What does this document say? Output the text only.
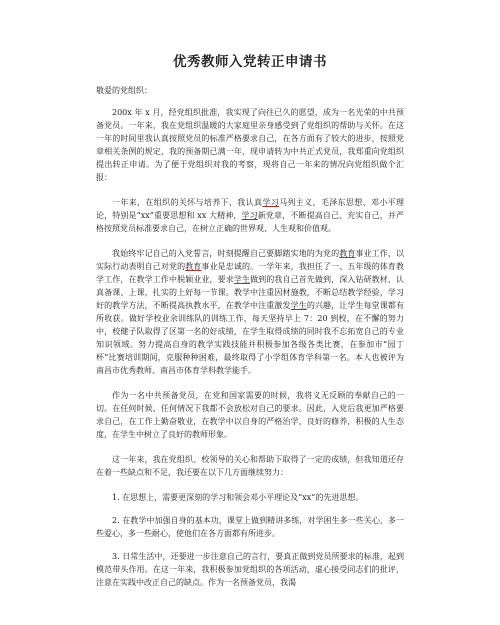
优秀教师入党转正申请书
敬爱的党组织：

200x 年 x 月，经党组织批准，我实现了向往已久的愿望，成为一名光荣的中共预备党员。一年来，我在党组织温暖的大家庭里亲身感受到了党组织的帮助与关怀。在这一年的时间里我认真按照党员的标准严格要求自己，在各方面有了较大的进步，按照党章相关条例的规定，我的预备期已满一年，现申请转为中共正式党员，我郑重向党组织提出转正申请。为了便于党组织对我的考察，现将自己一年来的情况向党组织做个汇报：

一年来，在组织的关怀与培养下，我认真学习马列主义，毛泽东思想、邓小平理论，特别是“xx”重要思想和 xx 大精神，学习新党章，不断提高自己、充实自己，并严格按照党员标准要求自己，在树立正确的世界观、人生观和价值观。

我始终牢记自己的入党誓言，时刻提醒自己要脚踏实地的为党的教育事业工作，以实际行动表明自己对党的教育事业是忠诚的。一学年来，我担任了一、五年级的体育教学工作，在教学工作中脱颖业业，要求学生做到的我自己首先做到，深入钻研教材，认真备课、上课，扎实的上好每一节课。教学中注重因材施教，不断总结教学经验，学习好的教学方法，不断提高执教水平，在教学中注重激发学生的兴趣，让学生每堂课都有所收获。做好学校业余训练队的训练工作，每天坚持早上 7：20 到校，在不懈的努力中，校健子队取得了区第一名的好成绩，在学生取得成绩的同时我不忘拓宽自己的专业知识领域。努力提高自身的教学实践技能并积极参加各级各类比赛，在参加市“园丁杯”比赛培训期间，克服种种困难，最终取得了小学组体育学科第一名。本人也被评为南昌市优秀教师、南昌市体育学科教学能手。

作为一名中共预备党员，在党和国家需要的时候，我将义无反顾的奉献自己的一切。在任何时候、任何情况下我都不会放松对自己的要求。因此，入党后我更加严格要求自己，在工作上勤奋敬业，在教学中以自身的严格治学，良好的修养，积极的人生态度，在学生中树立了良好的教师形象。

这一年来，我在党组织、校领导的关心和帮助下取得了一定的成绩，但我知道还存在着一些缺点和不足，我还要在以下几方面继续努力：

1. 在思想上，需要更深刻的学习和领会邓小平理论及“xx”的先进思想。

2. 在教学中加强自身的基本功，课堂上做到精讲多练，对学困生多一些关心，多一些爱心，多一些耐心，使他们在各方面都有所进步。

3. 日常生活中，还要进一步注意自己的言行，要真正做到党员所要求的标准，起到模范带头作用。在这一年来，我积极参加党组织的各项活动，虚心接受同志们的批评，注意在实践中改正自己的缺点。作为一名预备党员，我渴
